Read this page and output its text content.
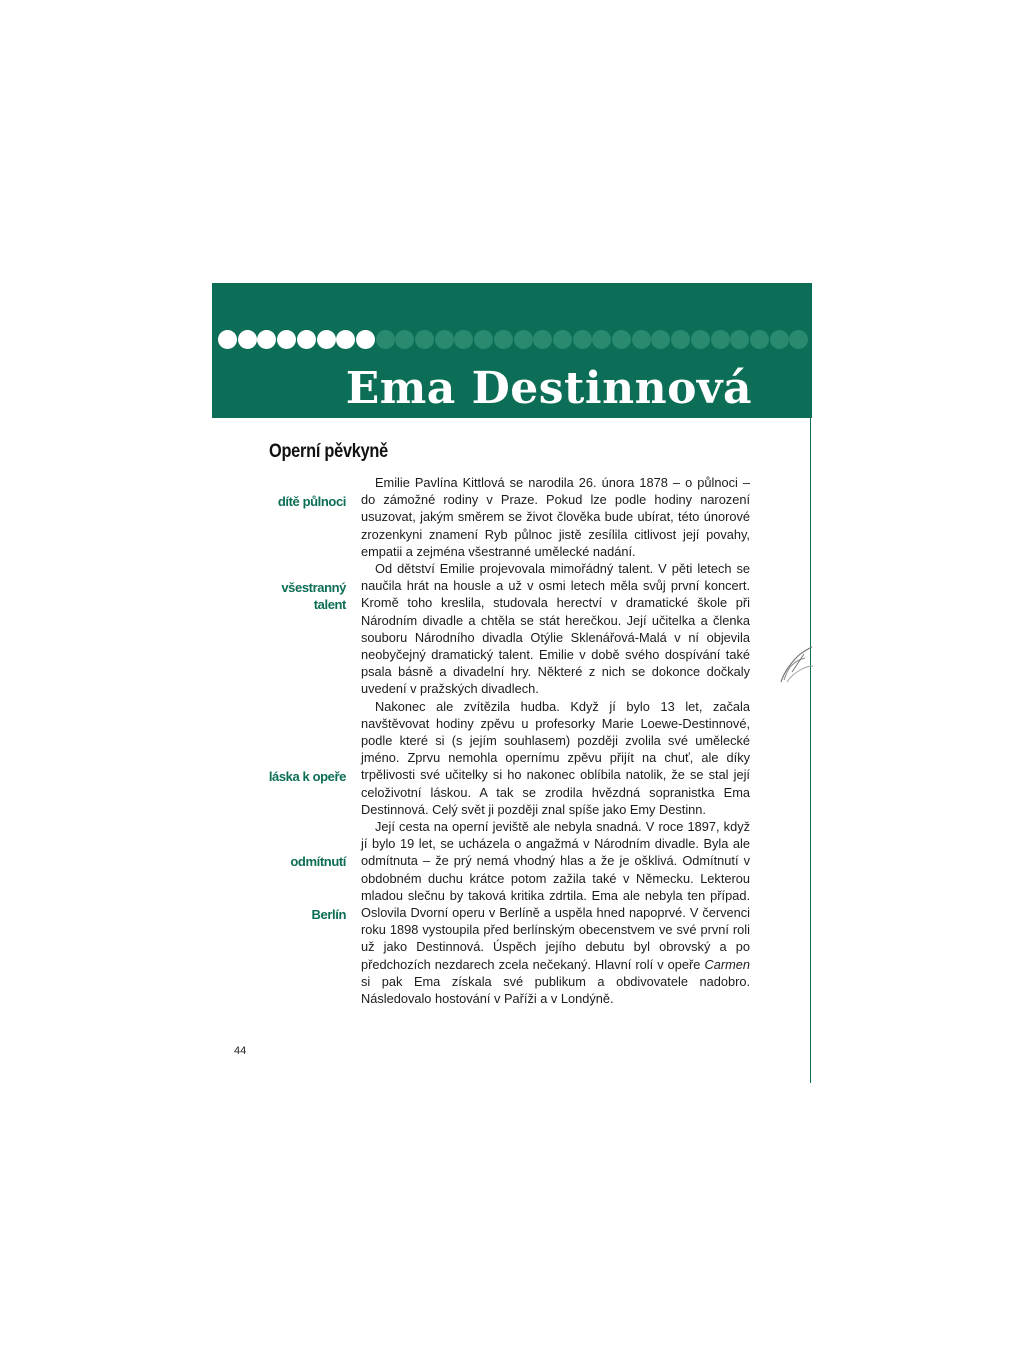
Ema Destinnová
Operní pěvkyně
dítě půlnoci
všestranný
talent
láska k opeře
odmítnutí
Berlín

Emilie Pavlína Kittlová se narodila 26. února 1878 – o půlnoci – do zámožné rodiny v Praze. Pokud lze podle hodiny narození usuzovat, jakým směrem se život člověka bude ubírat, této únorové zrozenkyni znamení Ryb půlnoc jistě zesílila citlivost její povahy, empatii a zejména všestranné umělecké nadání.

Od dětství Emilie projevovala mimořádný talent. V pěti letech se naučila hrát na housle a už v osmi letech měla svůj první koncert. Kromě toho kreslila, studovala herectví v dramatické škole při Národním divadle a chtěla se stát herečkou. Její učitelka a členka souboru Národního divadla Otýlie Sklenářová-Malá v ní objevila neobyčejný dramatický talent. Emilie v době svého dospívání také psala básně a divadelní hry. Některé z nich se dokonce dočkaly uvedení v pražských divadlech.

Nakonec ale zvítězila hudba. Když jí bylo 13 let, začala navštěvovat hodiny zpěvu u profesorky Marie Loewe-Destinnové, podle které si (s jejím souhlasem) později zvolila své umělecké jméno. Zprvu nemohla opernímu zpěvu přijít na chuť, ale díky trpělivosti své učitelky si ho nakonec oblíbila natolik, že se stal její celoživotní láskou. A tak se zrodila hvězdná sopranistka Ema Destinnová. Celý svět ji později znal spíše jako Emy Destinn.

Její cesta na operní jeviště ale nebyla snadná. V roce 1897, když jí bylo 19 let, se ucházela o angažmá v Národním divadle. Byla ale odmítnuta – že prý nemá vhodný hlas a že je ošklivá. Odmítnutí v obdobném duchu krátce potom zažila také v Německu. Lekterou mladou slečnu by taková kritika zdrtila. Ema ale nebyla ten případ. Oslovila Dvorní operu v Berlíně a uspěla hned napoprvé. V červenci roku 1898 vystoupila před berlínským obecenstvem ve své první roli už jako Destinnová. Úspěch jejího debutu byl obrovský a po předchozích nezdarech zcela nečekaný. Hlavní rolí v opeře Carmen si pak Ema získala své publikum a obdivovatele nadobro. Následovalo hostování v Paříži a v Londýně.

44
